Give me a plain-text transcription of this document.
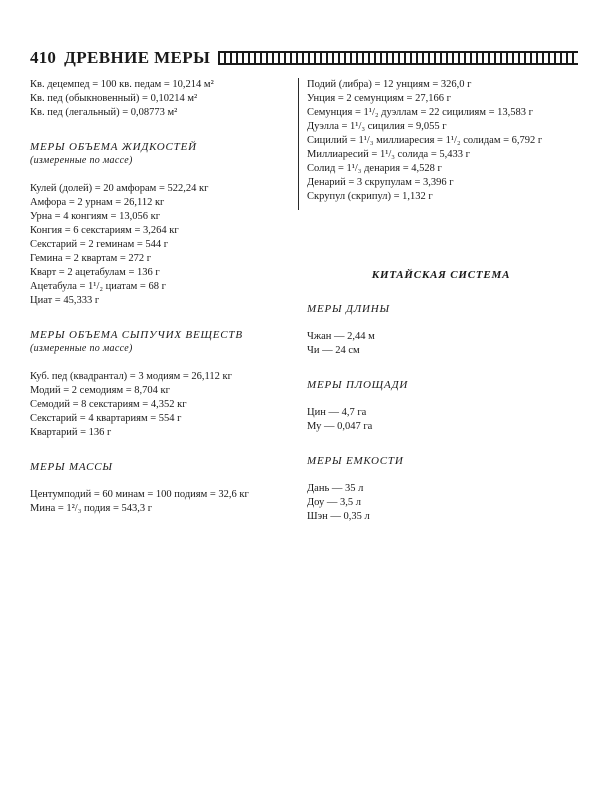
410 ДРЕВНИЕ МЕРЫ
Кв. децемпед = 100 кв. педам = 10,214 м²
Кв. пед (обыкновенный) = 0,10214 м²
Кв. пед (легальный) = 0,08773 м²
МЕРЫ ОБЪЕМА ЖИДКОСТЕЙ
(измеренные по массе)
Кулей (долей) = 20 амфорам = 522,24 кг
Амфора = 2 урнам = 26,112 кг
Урна = 4 конгиям = 13,056 кг
Конгия = 6 секстариям = 3,264 кг
Секстарий = 2 геминам = 544 г
Гемина = 2 квартам = 272 г
Кварт = 2 ацетабулам = 136 г
Ацетабула = 1¹/₂ циатам = 68 г
Циат = 45,333 г
МЕРЫ ОБЪЕМА СЫПУЧИХ ВЕЩЕСТВ
(измеренные по массе)
Куб. пед (квадрантал) = 3 модиям = 26,112 кг
Модий = 2 семодиям = 8,704 кг
Семодий = 8 секстариям = 4,352 кг
Секстарий = 4 квартариям = 554 г
Квартарий = 136 г
МЕРЫ МАССЫ
Центумподий = 60 минам = 100 подиям = 32,6 кг
Мина = 1²/₃ подия = 543,3 г
Подий (либра) = 12 унциям = 326,0 г
Унция = 2 семунциям = 27,166 г
Семунция = 1¹/₂ дуэллам = 22 сицилиям = 13,583 г
Дуэлла = 1¹/₃ сицилия = 9,055 г
Сицилий = 1¹/₃ миллиаресия = 1¹/₂ солидам = 6,792 г
Миллиаресий = 1¹/₃ солида = 5,433 г
Солид = 1¹/₃ денария = 4,528 г
Денарий = 3 скрупулам = 3,396 г
Скрупул (скрипул) = 1,132 г
КИТАЙСКАЯ СИСТЕМА
МЕРЫ ДЛИНЫ
Чжан — 2,44 м
Чи — 24 см
МЕРЫ ПЛОЩАДИ
Цин — 4,7 га
Му — 0,047 га
МЕРЫ ЕМКОСТИ
Дань — 35 л
Доу — 3,5 л
Шэн — 0,35 л
